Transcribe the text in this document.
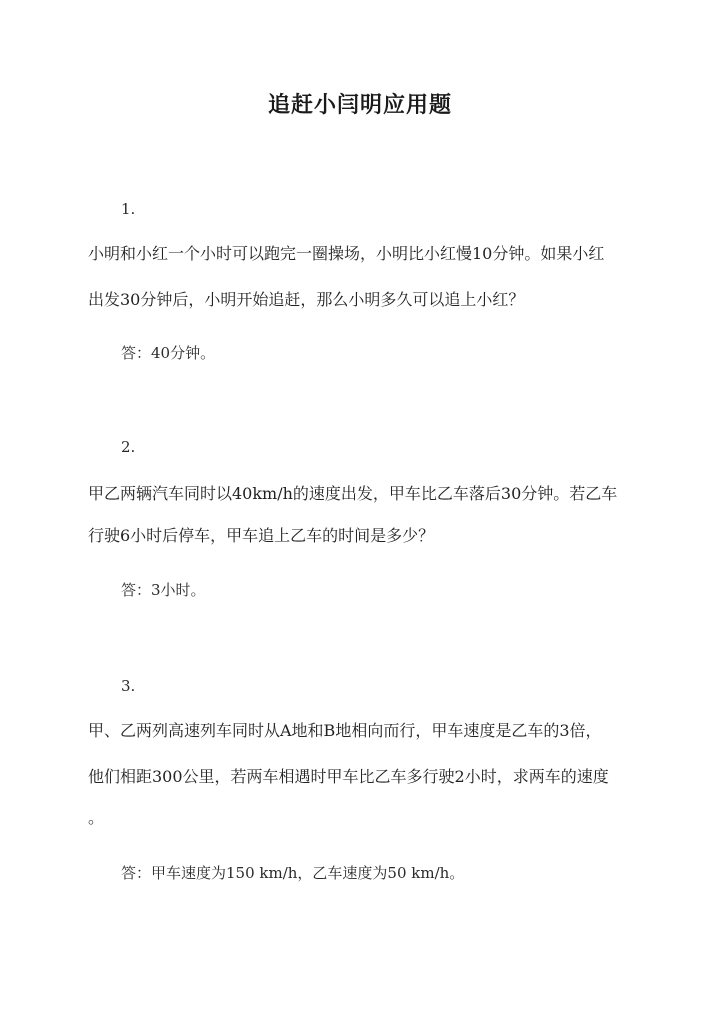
追赶小闫明应用题
1.
小明和小红一个小时可以跑完一圈操场，小明比小红慢10分钟。如果小红
出发30分钟后，小明开始追赶，那么小明多久可以追上小红？
答：40分钟。
2.
甲乙两辆汽车同时以40km/h的速度出发，甲车比乙车落后30分钟。若乙车
行驶6小时后停车，甲车追上乙车的时间是多少？
答：3小时。
3.
甲、乙两列高速列车同时从A地和B地相向而行，甲车速度是乙车的3倍，
他们相距300公里，若两车相遇时甲车比乙车多行驶2小时，求两车的速度
。
答：甲车速度为150 km/h，乙车速度为50 km/h。
